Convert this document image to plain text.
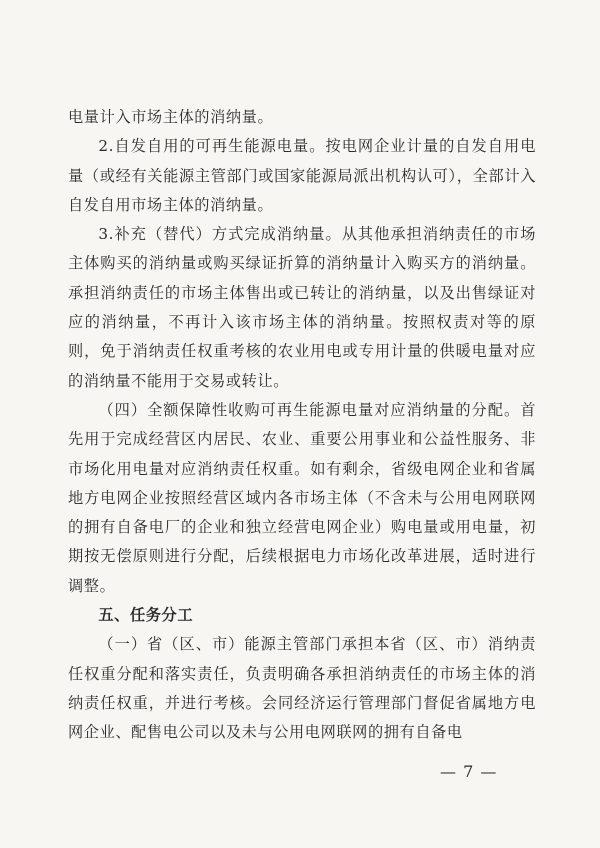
电量计入市场主体的消纳量。

2.自发自用的可再生能源电量。按电网企业计量的自发自用电量（或经有关能源主管部门或国家能源局派出机构认可），全部计入自发自用市场主体的消纳量。

3.补充（替代）方式完成消纳量。从其他承担消纳责任的市场主体购买的消纳量或购买绿证折算的消纳量计入购买方的消纳量。承担消纳责任的市场主体售出或已转让的消纳量，以及出售绿证对应的消纳量，不再计入该市场主体的消纳量。按照权责对等的原则，免于消纳责任权重考核的农业用电或专用计量的供暖电量对应的消纳量不能用于交易或转让。

（四）全额保障性收购可再生能源电量对应消纳量的分配。首先用于完成经营区内居民、农业、重要公用事业和公益性服务、非市场化用电量对应消纳责任权重。如有剩余，省级电网企业和省属地方电网企业按照经营区域内各市场主体（不含未与公用电网联网的拥有自备电厂的企业和独立经营电网企业）购电量或用电量，初期按无偿原则进行分配，后续根据电力市场化改革进展，适时进行调整。

五、任务分工

（一）省（区、市）能源主管部门承担本省（区、市）消纳责任权重分配和落实责任，负责明确各承担消纳责任的市场主体的消纳责任权重，并进行考核。会同经济运行管理部门督促省属地方电网企业、配售电公司以及未与公用电网联网的拥有自备电

— 7 —
